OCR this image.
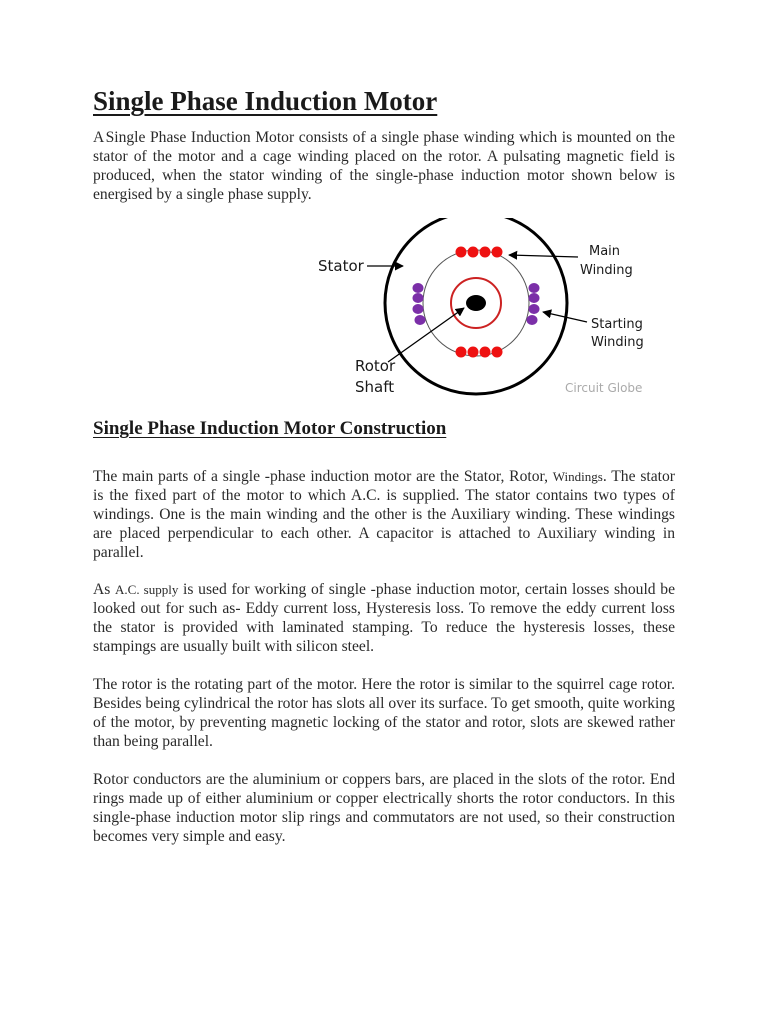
Single Phase Induction Motor

A Single Phase Induction Motor consists of a single phase winding which is mounted on the stator of the motor and a cage winding placed on the rotor. A pulsating magnetic field is produced, when the stator winding of the single-phase induction motor shown below is energised by a single phase supply.

Stator
Main
Winding
Starting
Winding
Rotor
Shaft	Circuit Globe
Single Phase Induction Motor Construction

The main parts of a single -phase induction motor are the Stator, Rotor, Windings. The stator is the fixed part of the motor to which A.C. is supplied. The stator contains two types of windings. One is the main winding and the other is the Auxiliary winding. These windings are placed perpendicular to each other. A capacitor is attached to Auxiliary winding in parallel.

As A.C. supply is used for working of single -phase induction motor, certain losses should be looked out for such as- Eddy current loss, Hysteresis loss. To remove the eddy current loss the stator is provided with laminated stamping. To reduce the hysteresis losses, these stampings are usually built with silicon steel.

The rotor is the rotating part of the motor. Here the rotor is similar to the squirrel cage rotor. Besides being cylindrical the rotor has slots all over its surface. To get smooth, quite working of the motor, by preventing magnetic locking of the stator and rotor, slots are skewed rather than being parallel.

Rotor conductors are the aluminium or coppers bars, are placed in the slots of the rotor. End rings made up of either aluminium or copper electrically shorts the rotor conductors. In this single-phase induction motor slip rings and commutators are not used, so their construction becomes very simple and easy.
